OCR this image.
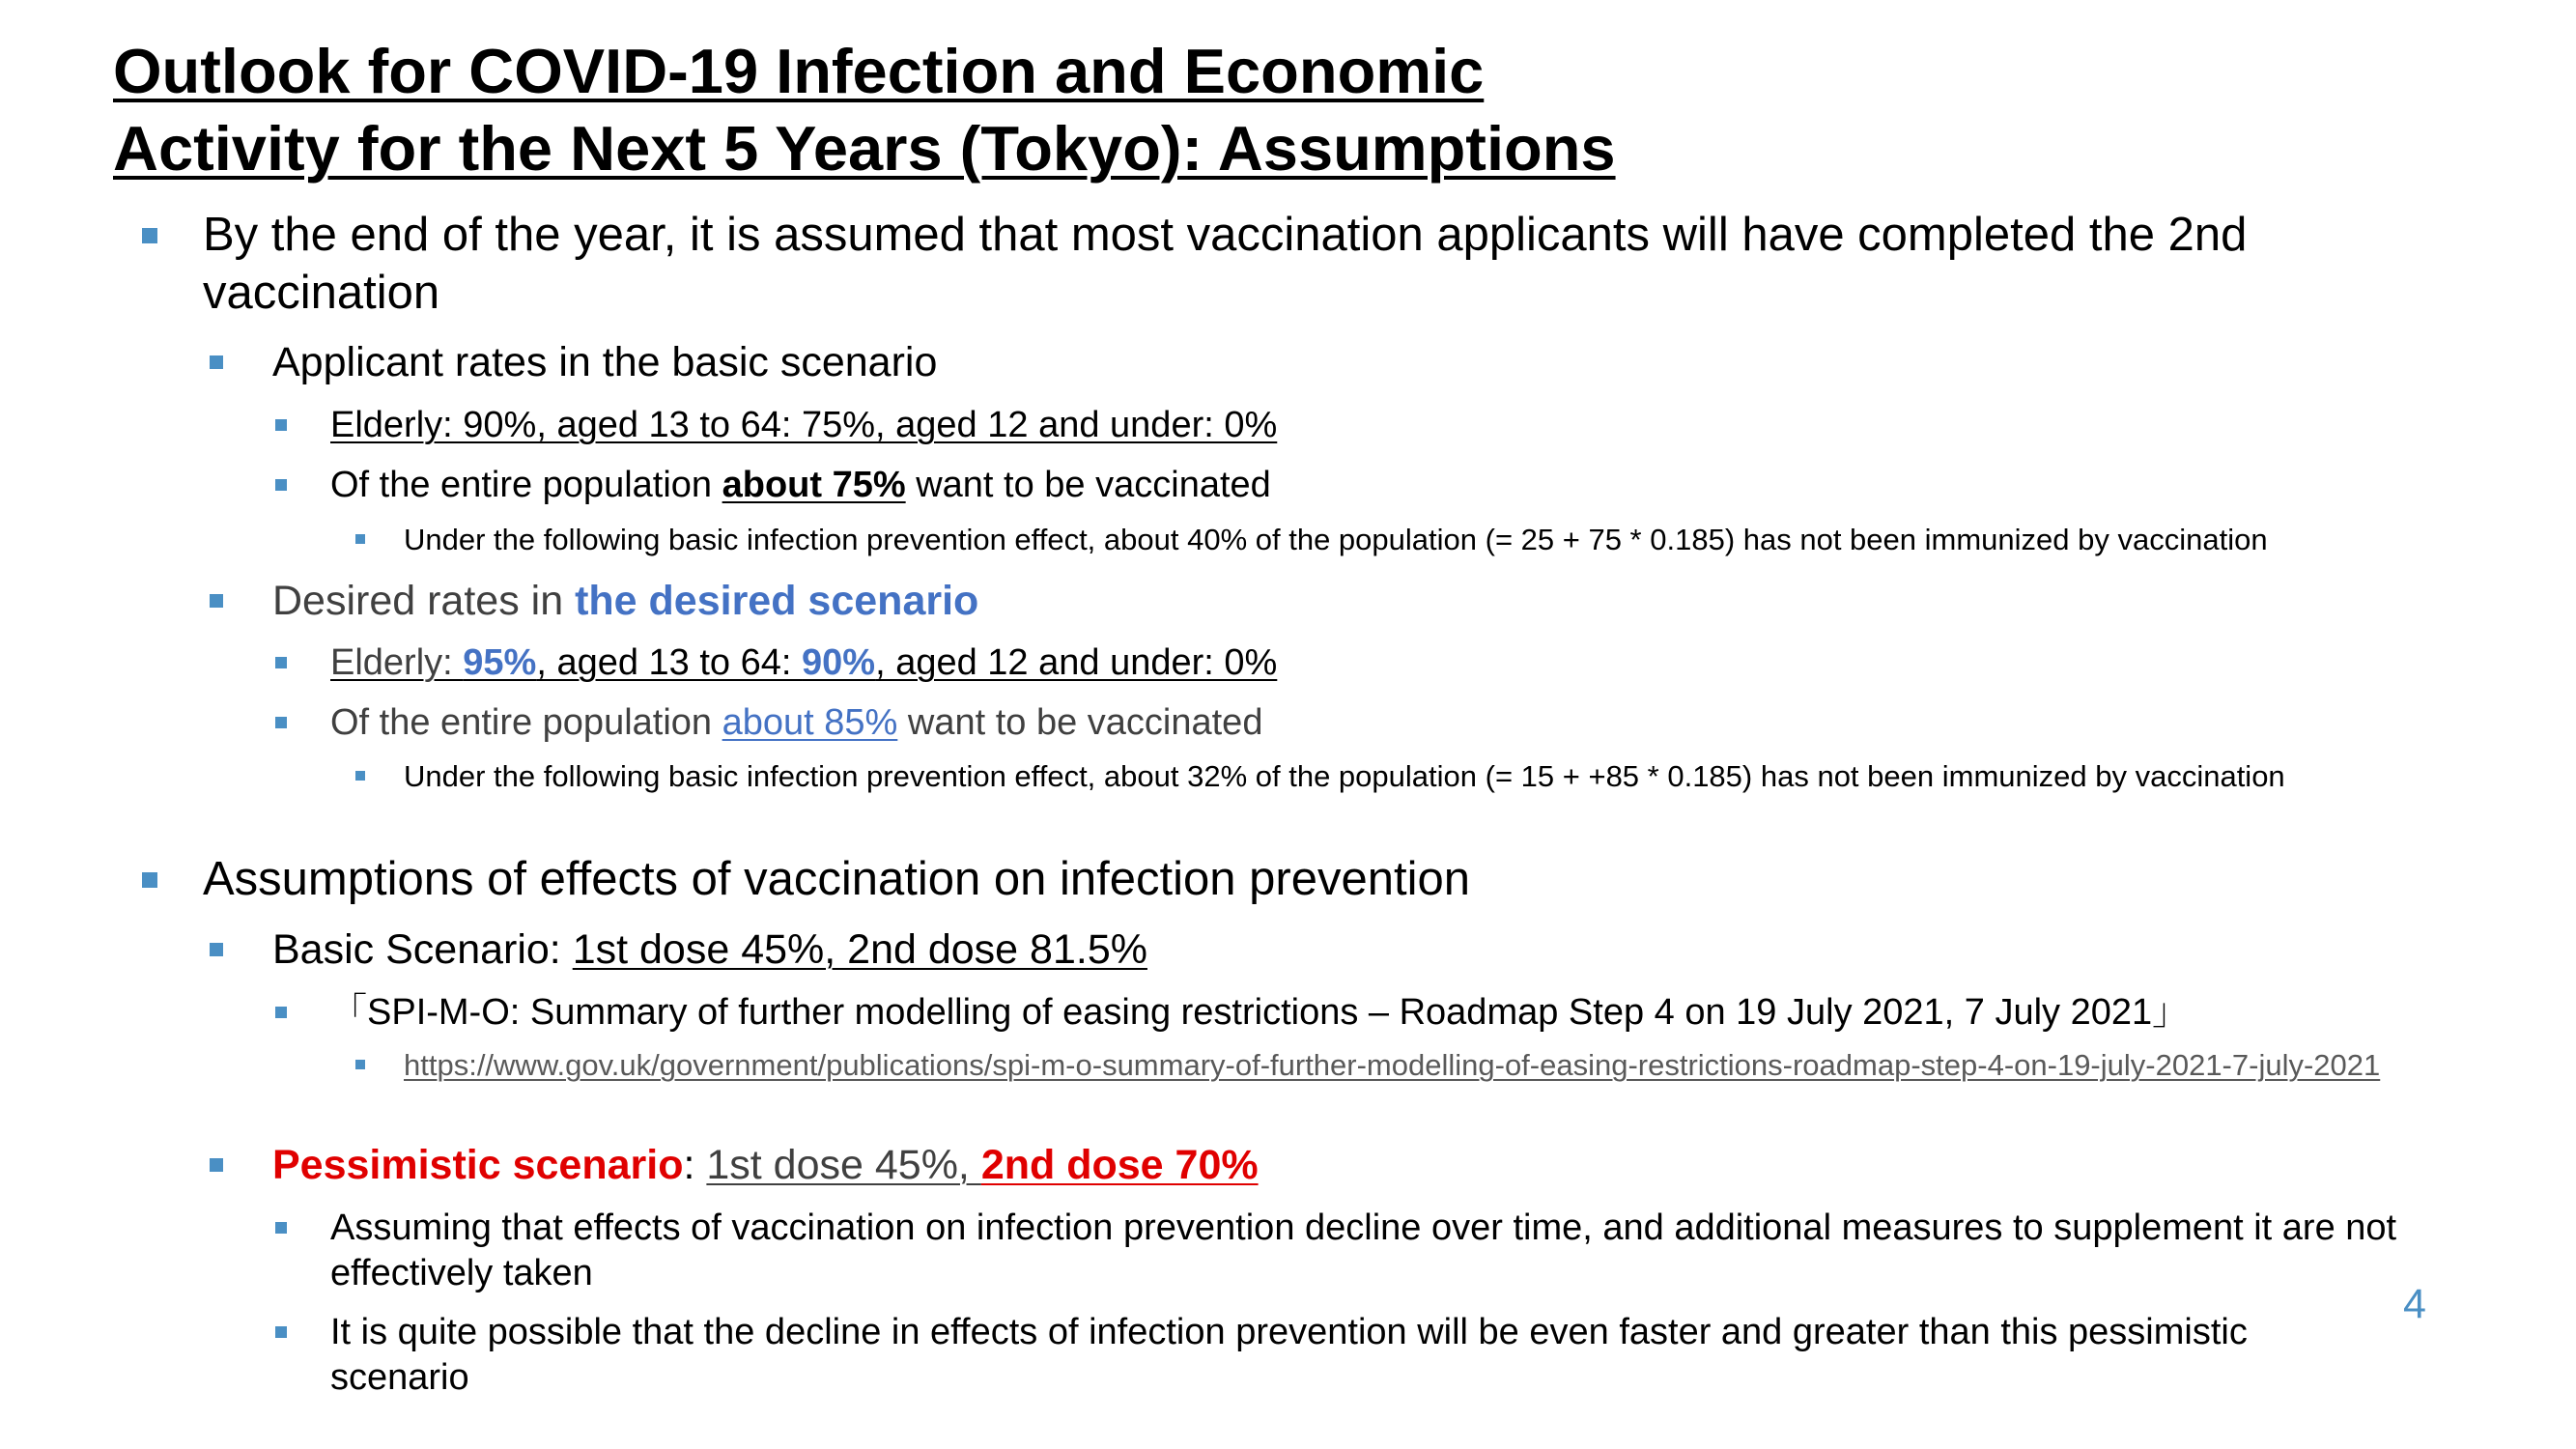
Outlook for COVID-19 Infection and Economic
Activity for the Next 5 Years (Tokyo): Assumptions

By the end of the year, it is assumed that most vaccination applicants will have completed the 2nd vaccination

Applicant rates in the basic scenario

Elderly: 90%, aged 13 to 64: 75%, aged 12 and under: 0%

Of the entire population about 75% want to be vaccinated

Under the following basic infection prevention effect, about 40% of the population (= 25 + 75 * 0.185) has not been immunized by vaccination

Desired rates in the desired scenario

Elderly: 95%, aged 13 to 64: 90%, aged 12 and under: 0%

Of the entire population about 85% want to be vaccinated

Under the following basic infection prevention effect, about 32% of the population (= 15 + +85 * 0.185) has not been immunized by vaccination

Assumptions of effects of vaccination on infection prevention

Basic Scenario: 1st dose 45%, 2nd dose 81.5%

「SPI-M-O: Summary of further modelling of easing restrictions – Roadmap Step 4 on 19 July 2021, 7 July 2021」

https://www.gov.uk/government/publications/spi-m-o-summary-of-further-modelling-of-easing-restrictions-roadmap-step-4-on-19-july-2021-7-july-2021

Pessimistic scenario: 1st dose 45%, 2nd dose 70%

Assuming that effects of vaccination on infection prevention decline over time, and additional measures to supplement it are not effectively taken

It is quite possible that the decline in effects of infection prevention will be even faster and greater than this pessimistic scenario

4
